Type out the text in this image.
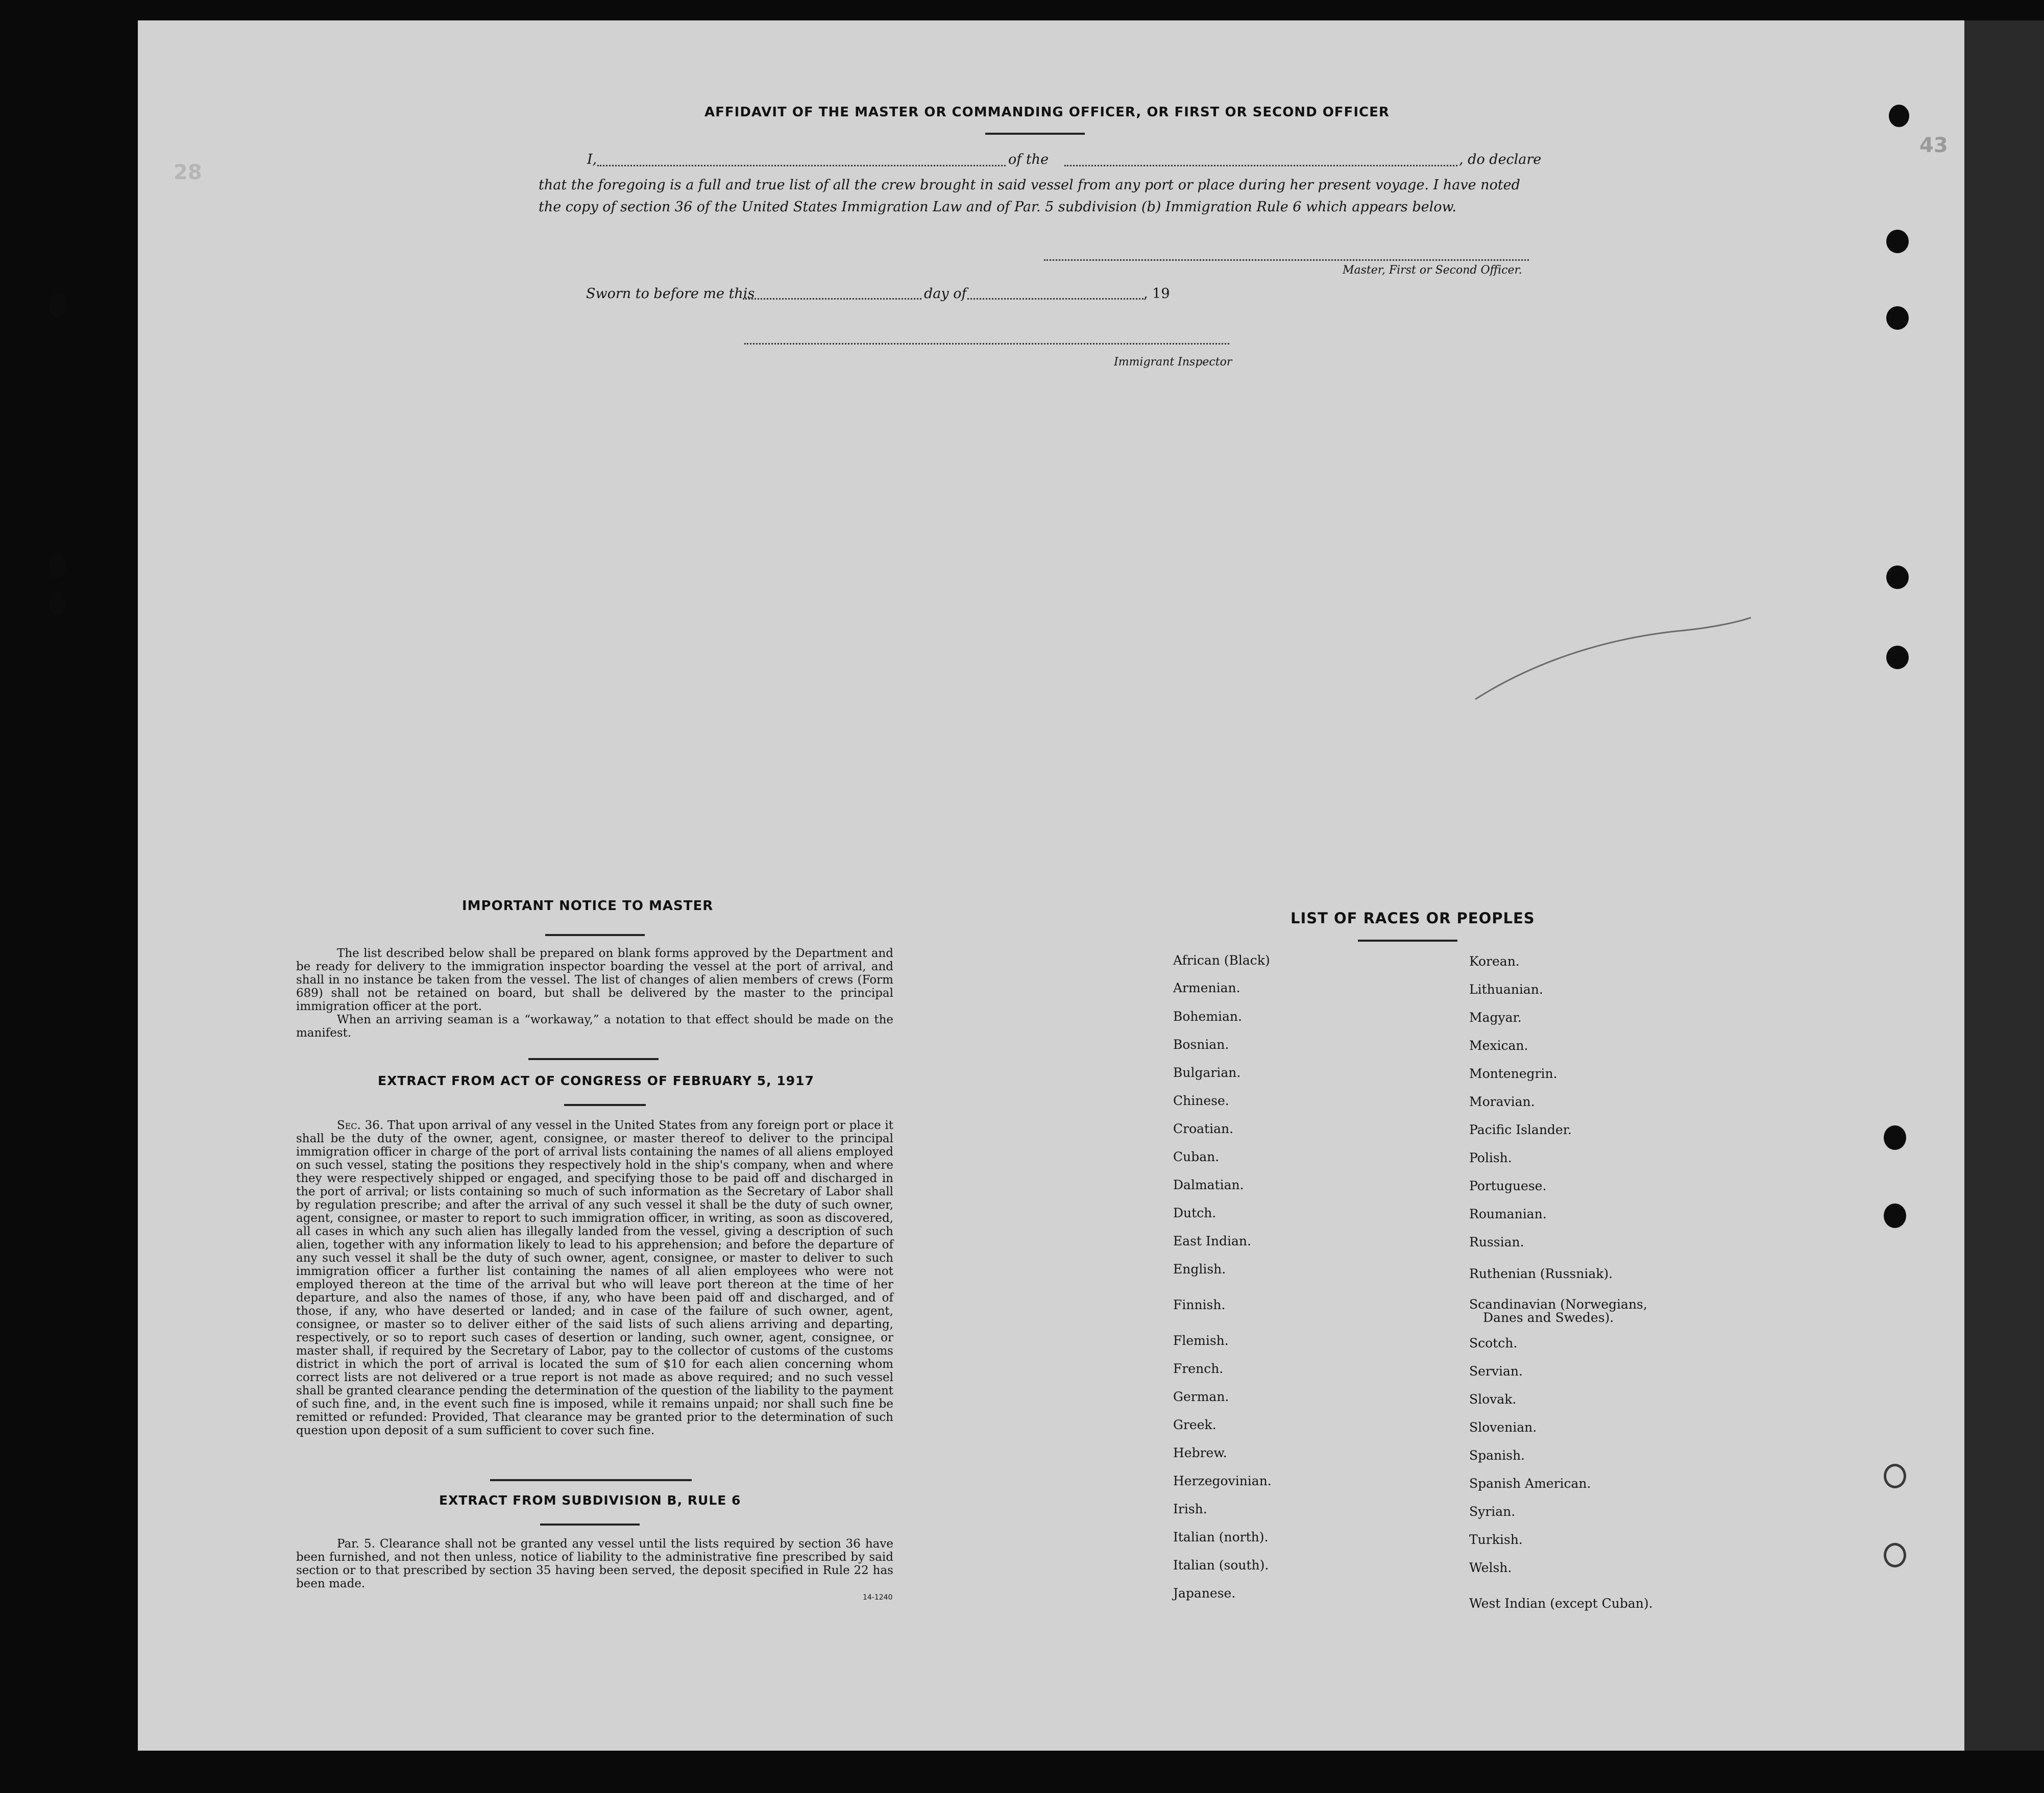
43
28
AFFIDAVIT OF THE MASTER OR COMMANDING OFFICER, OR FIRST OR SECOND OFFICER
I,	of the	, do declare
that the foregoing is a full and true list of all the crew brought in said vessel from any port or place during her present voyage. I have noted
the copy of section 36 of the United States Immigration Law and of Par. 5 subdivision (b) Immigration Rule 6 which appears below.
Master, First or Second Officer.
Sworn to before me this	day of	, 19
Immigrant Inspector
IMPORTANT NOTICE TO MASTER

The list described below shall be prepared on blank forms approved by the Department and be ready for delivery to the immigration inspector boarding the vessel at the port of arrival, and shall in no instance be taken from the vessel. The list of changes of alien members of crews (Form 689) shall not be retained on board, but shall be delivered by the master to the principal immigration officer at the port.

When an arriving seaman is a “workaway,” a notation to that effect should be made on the manifest.

EXTRACT FROM ACT OF CONGRESS OF FEBRUARY 5, 1917

Sec. 36. That upon arrival of any vessel in the United States from any foreign port or place it shall be the duty of the owner, agent, consignee, or master thereof to deliver to the principal immigration officer in charge of the port of arrival lists containing the names of all aliens employed on such vessel, stating the positions they respectively hold in the ship's company, when and where they were respectively shipped or engaged, and specifying those to be paid off and discharged in the port of arrival; or lists containing so much of such information as the Secretary of Labor shall by regulation prescribe; and after the arrival of any such vessel it shall be the duty of such owner, agent, consignee, or master to report to such immigration officer, in writing, as soon as discovered, all cases in which any such alien has illegally landed from the vessel, giving a description of such alien, together with any information likely to lead to his apprehension; and before the departure of any such vessel it shall be the duty of such owner, agent, consignee, or master to deliver to such immigration officer a further list containing the names of all alien employees who were not employed thereon at the time of the arrival but who will leave port thereon at the time of her departure, and also the names of those, if any, who have been paid off and discharged, and of those, if any, who have deserted or landed; and in case of the failure of such owner, agent, consignee, or master so to deliver either of the said lists of such aliens arriving and departing, respectively, or so to report such cases of desertion or landing, such owner, agent, consignee, or master shall, if required by the Secretary of Labor, pay to the collector of customs of the customs district in which the port of arrival is located the sum of $10 for each alien concerning whom correct lists are not delivered or a true report is not made as above required; and no such vessel shall be granted clearance pending the determination of the question of the liability to the payment of such fine, and, in the event such fine is imposed, while it remains unpaid; nor shall such fine be remitted or refunded: Provided, That clearance may be granted prior to the determination of such question upon deposit of a sum sufficient to cover such fine.

EXTRACT FROM SUBDIVISION B, RULE 6

Par. 5. Clearance shall not be granted any vessel until the lists required by section 36 have been furnished, and not then unless, notice of liability to the administrative fine prescribed by said section or to that prescribed by section 35 having been served, the deposit specified in Rule 22 has been made.

14-1240
LIST OF RACES OR PEOPLES
African (Black)
Armenian.
Bohemian.
Bosnian.
Bulgarian.
Chinese.
Croatian.
Cuban.
Dalmatian.
Dutch.
East Indian.
English.
Finnish.
Flemish.
French.
German.
Greek.
Hebrew.
Herzegovinian.
Irish.
Italian (north).
Italian (south).
Japanese.
Korean.
Lithuanian.
Magyar.
Mexican.
Montenegrin.
Moravian.
Pacific Islander.
Polish.
Portuguese.
Roumanian.
Russian.
Ruthenian (Russniak).
Scandinavian (Norwegians,
Danes and Swedes).
Scotch.
Servian.
Slovak.
Slovenian.
Spanish.
Spanish American.
Syrian.
Turkish.
Welsh.
West Indian (except Cuban).
